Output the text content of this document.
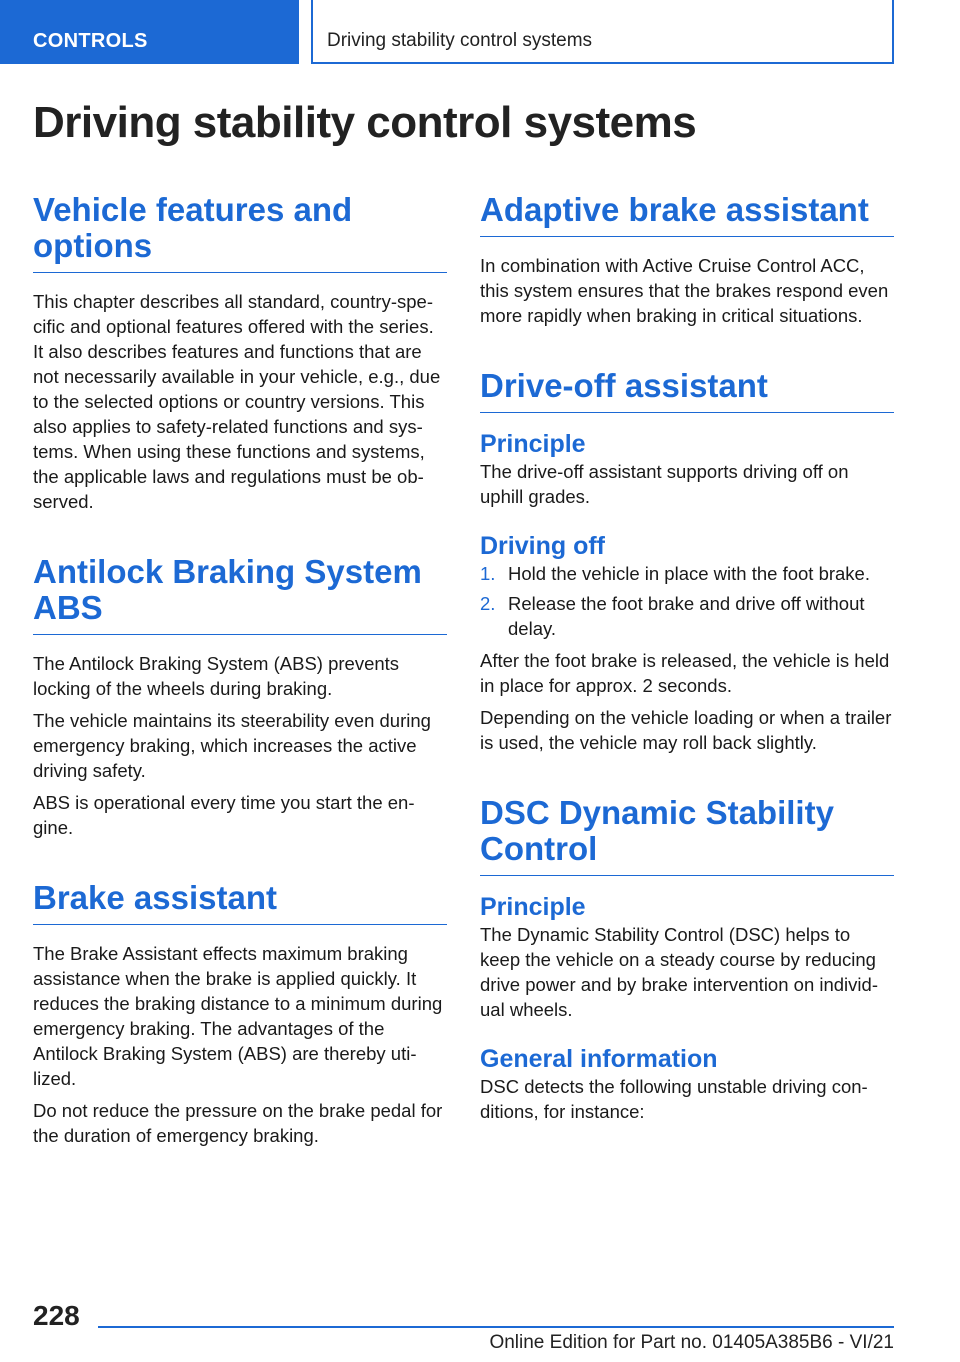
CONTROLS	Driving stability control systems
Driving stability control systems
Vehicle features and options

This chapter describes all standard, country-specific and optional features offered with the series. It also describes features and functions that are not necessarily available in your vehicle, e.g., due to the selected options or country versions. This also applies to safety-related functions and systems. When using these functions and systems, the applicable laws and regulations must be observed.

Antilock Braking System ABS

The Antilock Braking System (ABS) prevents locking of the wheels during braking.

The vehicle maintains its steerability even during emergency braking, which increases the active driving safety.

ABS is operational every time you start the engine.

Brake assistant

The Brake Assistant effects maximum braking assistance when the brake is applied quickly. It reduces the braking distance to a minimum during emergency braking. The advantages of the Antilock Braking System (ABS) are thereby utilized.

Do not reduce the pressure on the brake pedal for the duration of emergency braking.

Adaptive brake assistant

In combination with Active Cruise Control ACC, this system ensures that the brakes respond even more rapidly when braking in critical situations.

Drive-off assistant
Principle

The drive-off assistant supports driving off on uphill grades.

Driving off
1. Hold the vehicle in place with the foot brake.
2. Release the foot brake and drive off without delay.

After the foot brake is released, the vehicle is held in place for approx. 2 seconds.

Depending on the vehicle loading or when a trailer is used, the vehicle may roll back slightly.

DSC Dynamic Stability Control
Principle

The Dynamic Stability Control (DSC) helps to keep the vehicle on a steady course by reducing drive power and by brake intervention on individual wheels.

General information

DSC detects the following unstable driving conditions, for instance:

228
Online Edition for Part no. 01405A385B6 - VI/21
